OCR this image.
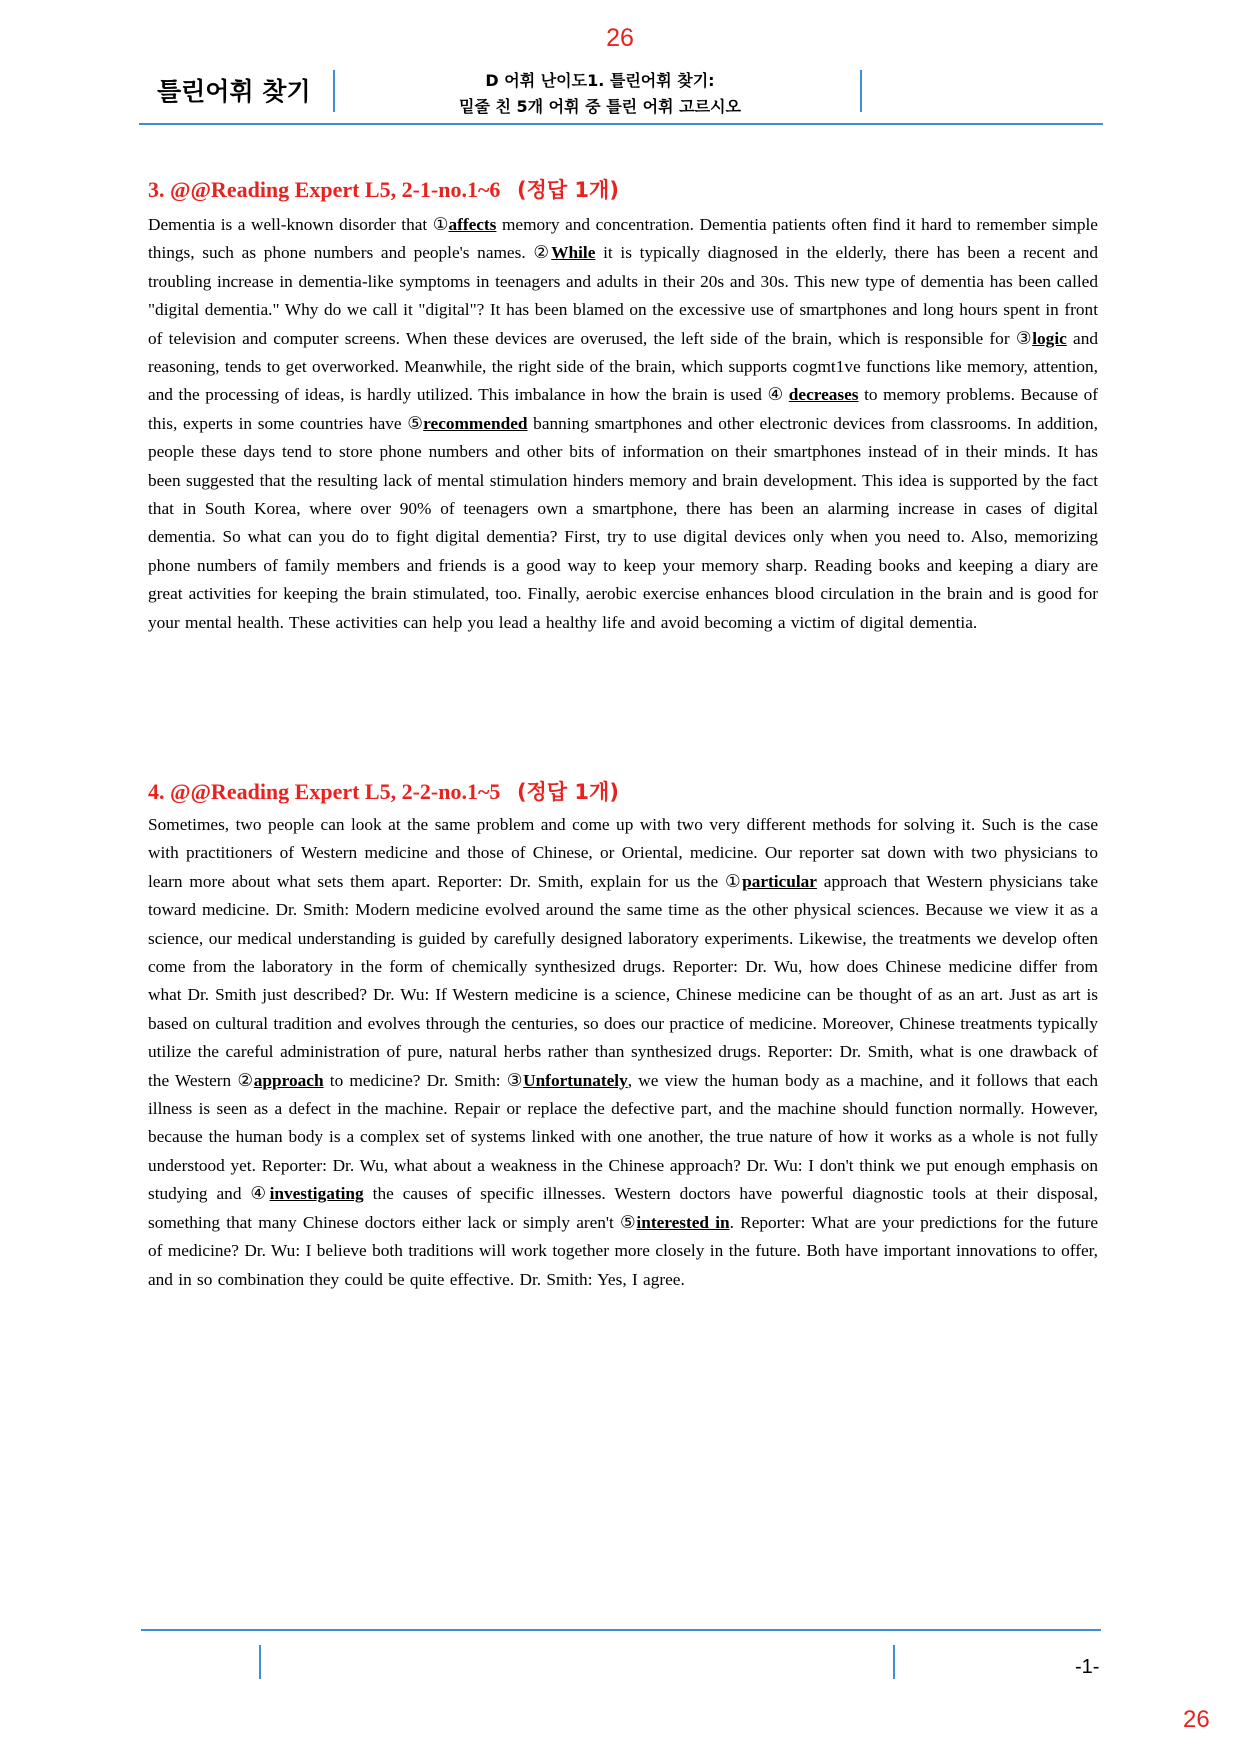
26
틀린어휘 찾기	D 어휘 난이도1. 틀린어휘 찾기:
밑줄 친 5개 어휘 중 틀린 어휘 고르시오
3. @@Reading Expert L5, 2-1-no.1~6 (정답 1개)
Dementia is a well-known disorder that ①affects memory and concentration. Dementia patients often find it hard to remember simple things, such as phone numbers and people's names. ②While it is typically diagnosed in the elderly, there has been a recent and troubling increase in dementia-like symptoms in teenagers and adults in their 20s and 30s. This new type of dementia has been called "digital dementia." Why do we call it "digital"? It has been blamed on the excessive use of smartphones and long hours spent in front of television and computer screens. When these devices are overused, the left side of the brain, which is responsible for ③logic and reasoning, tends to get overworked. Meanwhile, the right side of the brain, which supports cogmt1ve functions like memory, attention, and the processing of ideas, is hardly utilized. This imbalance in how the brain is used ④ decreases to memory problems. Because of this, experts in some countries have ⑤recommended banning smartphones and other electronic devices from classrooms. In addition, people these days tend to store phone numbers and other bits of information on their smartphones instead of in their minds. It has been suggested that the resulting lack of mental stimulation hinders memory and brain development. This idea is supported by the fact that in South Korea, where over 90% of teenagers own a smartphone, there has been an alarming increase in cases of digital dementia. So what can you do to fight digital dementia? First, try to use digital devices only when you need to. Also, memorizing phone numbers of family members and friends is a good way to keep your memory sharp. Reading books and keeping a diary are great activities for keeping the brain stimulated, too. Finally, aerobic exercise enhances blood circulation in the brain and is good for your mental health. These activities can help you lead a healthy life and avoid becoming a victim of digital dementia.
4. @@Reading Expert L5, 2-2-no.1~5 (정답 1개)
Sometimes, two people can look at the same problem and come up with two very different methods for solving it. Such is the case with practitioners of Western medicine and those of Chinese, or Oriental, medicine. Our reporter sat down with two physicians to learn more about what sets them apart. Reporter: Dr. Smith, explain for us the ①particular approach that Western physicians take toward medicine. Dr. Smith: Modern medicine evolved around the same time as the other physical sciences. Because we view it as a science, our medical understanding is guided by carefully designed laboratory experiments. Likewise, the treatments we develop often come from the laboratory in the form of chemically synthesized drugs. Reporter: Dr. Wu, how does Chinese medicine differ from what Dr. Smith just described? Dr. Wu: If Western medicine is a science, Chinese medicine can be thought of as an art. Just as art is based on cultural tradition and evolves through the centuries, so does our practice of medicine. Moreover, Chinese treatments typically utilize the careful administration of pure, natural herbs rather than synthesized drugs. Reporter: Dr. Smith, what is one drawback of the Western ②approach to medicine? Dr. Smith: ③Unfortunately, we view the human body as a machine, and it follows that each illness is seen as a defect in the machine. Repair or replace the defective part, and the machine should function normally. However, because the human body is a complex set of systems linked with one another, the true nature of how it works as a whole is not fully understood yet. Reporter: Dr. Wu, what about a weakness in the Chinese approach? Dr. Wu: I don't think we put enough emphasis on studying and ④investigating the causes of specific illnesses. Western doctors have powerful diagnostic tools at their disposal, something that many Chinese doctors either lack or simply aren't ⑤interested in. Reporter: What are your predictions for the future of medicine? Dr. Wu: I believe both traditions will work together more closely in the future. Both have important innovations to offer, and in so combination they could be quite effective. Dr. Smith: Yes, I agree.
-1-
26
